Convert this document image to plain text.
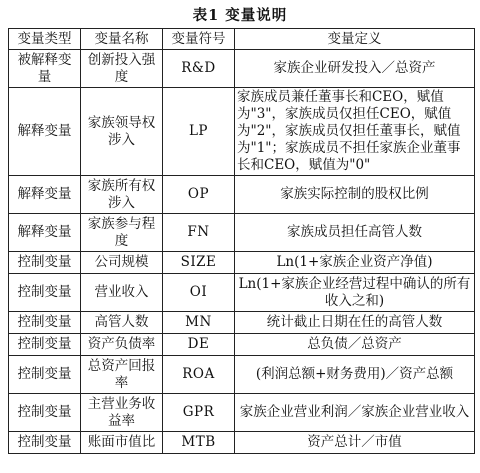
表1 变量说明
变量类型	变量名称	变量符号	变量定义
被解释变量	创新投入强度	R&D	家族企业研发投入／总资产
解释变量	家族领导权涉入	LP	家族成员兼任董事长和CEO，赋值为"3"，家族成员仅担任CEO，赋值为"2"，家族成员仅担任董事长，赋值为"1"；家族成员不担任家族企业董事长和CEO，赋值为"0"
解释变量	家族所有权涉入	OP	家族实际控制的股权比例
解释变量	家族参与程度	FN	家族成员担任高管人数
控制变量	公司规模	SIZE	Ln(1+家族企业资产净值)
控制变量	营业收入	OI	Ln(1+家族企业经营过程中确认的所有收入之和)
控制变量	高管人数	MN	统计截止日期在任的高管人数
控制变量	资产负债率	DE	总负债／总资产
控制变量	总资产回报率	ROA	(利润总额+财务费用)／资产总额
控制变量	主营业务收益率	GPR	家族企业营业利润／家族企业营业收入
控制变量	账面市值比	MTB	资产总计／市值
